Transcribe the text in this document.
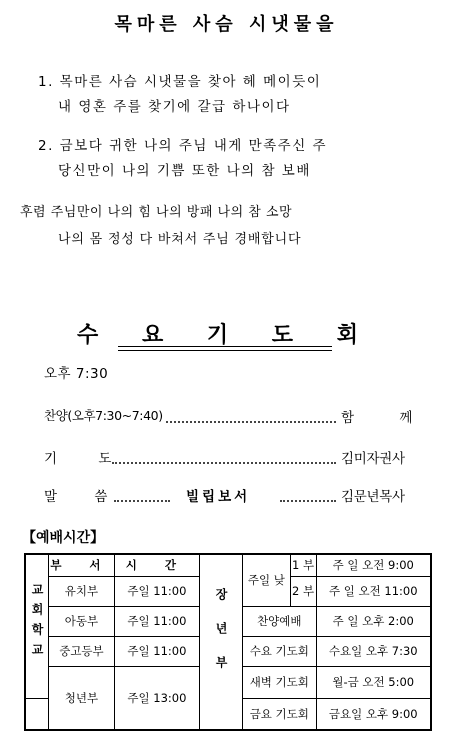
목마른 사슴 시냇물을
1. 목마른 사슴 시냇물을 찾아 헤 메이듯이
내 영혼 주를 찾기에 갈급 하나이다
2. 금보다 귀한 나의 주님 내게 만족주신 주
당신만이 나의 기쁨 또한 나의 참 보배
후렴 주님만이 나의 힘 나의 방패 나의 참 소망
나의 몸 정성 다 바쳐서 주님 경배합니다
수 요 기 도 회
오후 7:30
찬양(오후7:30~7:40)	함 께
기 도	김미자권사
말 씀	빌립보서	김문년목사
【예배시간】
교회학교	부 서	시 간	장년부	주일 낮	1 부	주 일 오전 9:00
	유치부	주일 11:00			2 부	주 일 오전 11:00
	아동부	주일 11:00		찬양예배		주 일 오후 2:00
	중고등부	주일 11:00		수요 기도회		수요일 오후 7:30
	청년부	주일 13:00		새벽 기도회		월-금 오전 5:00
				금요 기도회		금요일 오후 9:00
